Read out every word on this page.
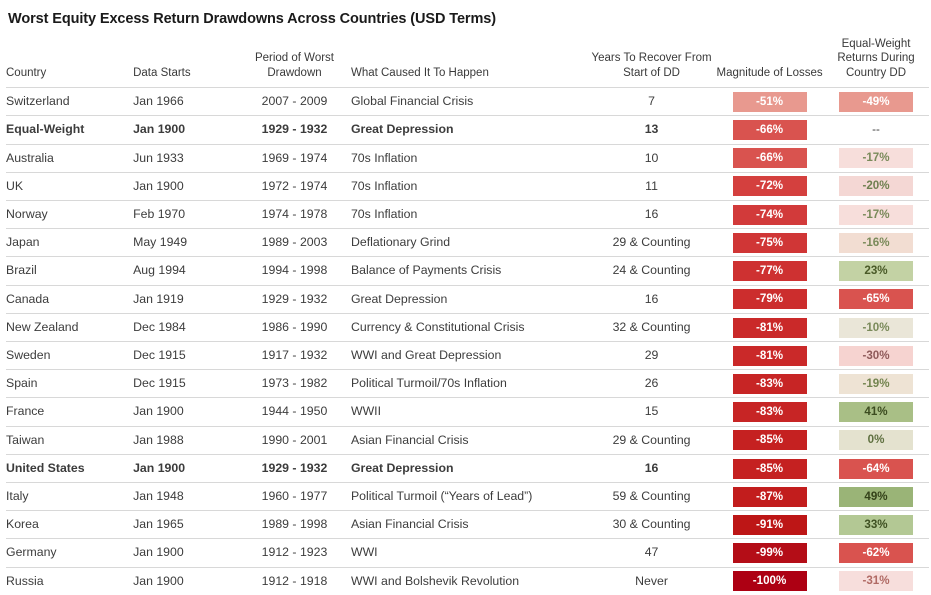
Worst Equity Excess Return Drawdowns Across Countries (USD Terms)
Country	Data Starts	Period of Worst Drawdown	What Caused It To Happen	Years To Recover From Start of DD	Magnitude of Losses	Equal-Weight Returns During Country DD
Switzerland	Jan 1966	2007 - 2009	Global Financial Crisis	7	-51%	-49%
Equal-Weight	Jan 1900	1929 - 1932	Great Depression	13	-66%	--
Australia	Jun 1933	1969 - 1974	70s Inflation	10	-66%	-17%
UK	Jan 1900	1972 - 1974	70s Inflation	11	-72%	-20%
Norway	Feb 1970	1974 - 1978	70s Inflation	16	-74%	-17%
Japan	May 1949	1989 - 2003	Deflationary Grind	29 & Counting	-75%	-16%
Brazil	Aug 1994	1994 - 1998	Balance of Payments Crisis	24 & Counting	-77%	23%
Canada	Jan 1919	1929 - 1932	Great Depression	16	-79%	-65%
New Zealand	Dec 1984	1986 - 1990	Currency & Constitutional Crisis	32 & Counting	-81%	-10%
Sweden	Dec 1915	1917 - 1932	WWI and Great Depression	29	-81%	-30%
Spain	Dec 1915	1973 - 1982	Political Turmoil/70s Inflation	26	-83%	-19%
France	Jan 1900	1944 - 1950	WWII	15	-83%	41%
Taiwan	Jan 1988	1990 - 2001	Asian Financial Crisis	29 & Counting	-85%	0%
United States	Jan 1900	1929 - 1932	Great Depression	16	-85%	-64%
Italy	Jan 1948	1960 - 1977	Political Turmoil (“Years of Lead”)	59 & Counting	-87%	49%
Korea	Jan 1965	1989 - 1998	Asian Financial Crisis	30 & Counting	-91%	33%
Germany	Jan 1900	1912 - 1923	WWI	47	-99%	-62%
Russia	Jan 1900	1912 - 1918	WWI and Bolshevik Revolution	Never	-100%	-31%
